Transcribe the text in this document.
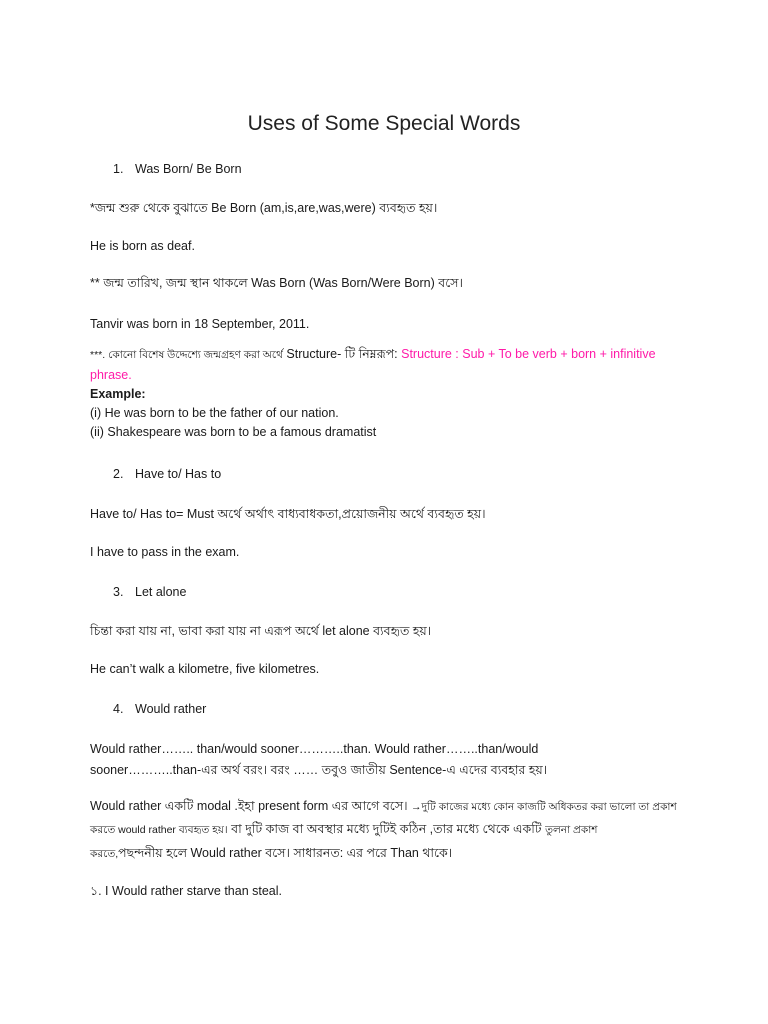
Uses of Some Special Words
1. Was Born/ Be Born
*জন্ম শুরু থেকে বুঝাতে Be Born (am,is,are,was,were) ব্যবহৃত হয়।
He is born as deaf.
** জন্ম তারিখ, জন্ম স্থান থাকলে Was Born (Was Born/Were Born) বসে।
Tanvir was born in 18 September, 2011.
***. কোনাে বিশেষ উদ্দেশ্যে জন্মগ্রহণ করা অর্থে Structure- টি নিম্নরূপ: Structure : Sub + To be verb + born + infinitive
phrase.
Example:
(i) He was born to be the father of our nation.
(ii) Shakespeare was born to be a famous dramatist
2. Have to/ Has to
Have to/ Has to= Must অর্থে অর্থাৎ বাধ্যবাধকতা,প্রয়োজনীয় অর্থে ব্যবহৃত হয়।
I have to pass in the exam.
3. Let alone
চিন্তা করা যায় না, ভাবা করা যায় না এরূপ অর্থে let alone ব্যবহৃত হয়।
He can’t walk a kilometre, five kilometres.
4. Would rather
Would rather…….. than/would sooner………..than. Would rather……..than/would
sooner………..than-এর অর্থ বরং। বরং …… তবুও জাতীয় Sentence-এ এদের ব্যবহার হয়।
Would rather একটি modal .ইহা present form এর আগে বসে। →দুটি কাজের মধ্যে কোন কাজটি অধিকতর করা ভালাে তা প্রকাশ
করতে would rather ব্যবহৃত হয়। বা দুটি কাজ বা অবস্থার মধ্যে দুটিই কঠিন ,তার মধ্যে থেকে একটি তুলনা প্রকাশ
করতে,পছন্দনীয় হলে Would rather বসে। সাধারনত: এর পরে Than থাকে।
১. I Would rather starve than steal.
